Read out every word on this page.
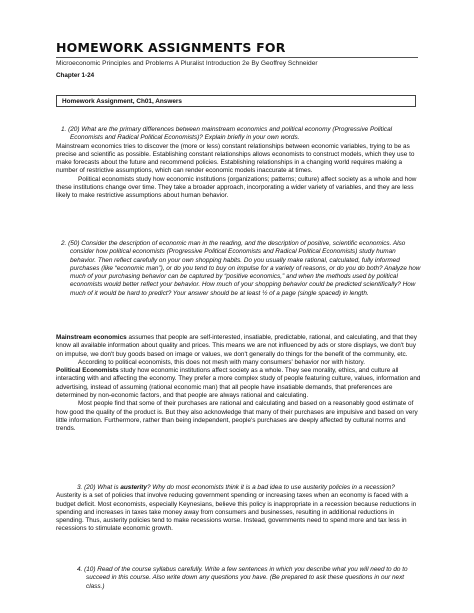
HOMEWORK ASSIGNMENTS FOR
Microeconomic Principles and Problems A Pluralist Introduction 2e By Geoffrey Schneider
Chapter 1-24
Homework Assignment, Ch01, Answers

1. (20) What are the primary differences between mainstream economics and political economy (Progressive Political Economists and Radical Political Economists)? Explain briefly in your own words.

Mainstream economics tries to discover the (more or less) constant relationships between economic variables, trying to be as precise and scientific as possible. Establishing constant relationships allows economists to construct models, which they use to make forecasts about the future and recommend policies. Establishing relationships in a changing world requires making a number of restrictive assumptions, which can render economic models inaccurate at times.

Political economists study how economic institutions (organizations; patterns; culture) affect society as a whole and how these institutions change over time. They take a broader approach, incorporating a wider variety of variables, and they are less likely to make restrictive assumptions about human behavior.

2. (50) Consider the description of economic man in the reading, and the description of positive, scientific economics. Also consider how political economists (Progressive Political Economists and Radical Political Economists) study human behavior. Then reflect carefully on your own shopping habits. Do you usually make rational, calculated, fully informed purchases (like “economic man”), or do you tend to buy on impulse for a variety of reasons, or do you do both? Analyze how much of your purchasing behavior can be captured by “positive economics,” and when the methods used by political economists would better reflect your behavior. How much of your shopping behavior could be predicted scientifically? How much of it would be hard to predict? Your answer should be at least ½ of a page (single spaced) in length.

Mainstream economics assumes that people are self-interested, insatiable, predictable, rational, and calculating, and that they know all available information about quality and prices. This means we are not influenced by ads or store displays, we don't buy on impulse, we don't buy goods based on image or values, we don't generally do things for the benefit of the community, etc.

According to political economists, this does not mesh with many consumers' behavior nor with history.

Political Economists study how economic institutions affect society as a whole. They see morality, ethics, and culture all interacting with and affecting the economy. They prefer a more complex study of people featuring culture, values, information and advertising, instead of assuming (rational economic man) that all people have insatiable demands, that preferences are determined by non-economic factors, and that people are always rational and calculating.

Most people find that some of their purchases are rational and calculating and based on a reasonably good estimate of how good the quality of the product is. But they also acknowledge that many of their purchases are impulsive and based on very little information. Furthermore, rather than being independent, people's purchases are deeply affected by cultural norms and trends.

3. (20) What is austerity? Why do most economists think it is a bad idea to use austerity policies in a recession?

Austerity is a set of policies that involve reducing government spending or increasing taxes when an economy is faced with a budget deficit. Most economists, especially Keynesians, believe this policy is inappropriate in a recession because reductions in spending and increases in taxes take money away from consumers and businesses, resulting in additional reductions in spending. Thus, austerity policies tend to make recessions worse. Instead, governments need to spend more and tax less in recessions to stimulate economic growth.

4. (10) Read of the course syllabus carefully. Write a few sentences in which you describe what you will need to do to succeed in this course. Also write down any questions you have. (Be prepared to ask these questions in our next class.)
